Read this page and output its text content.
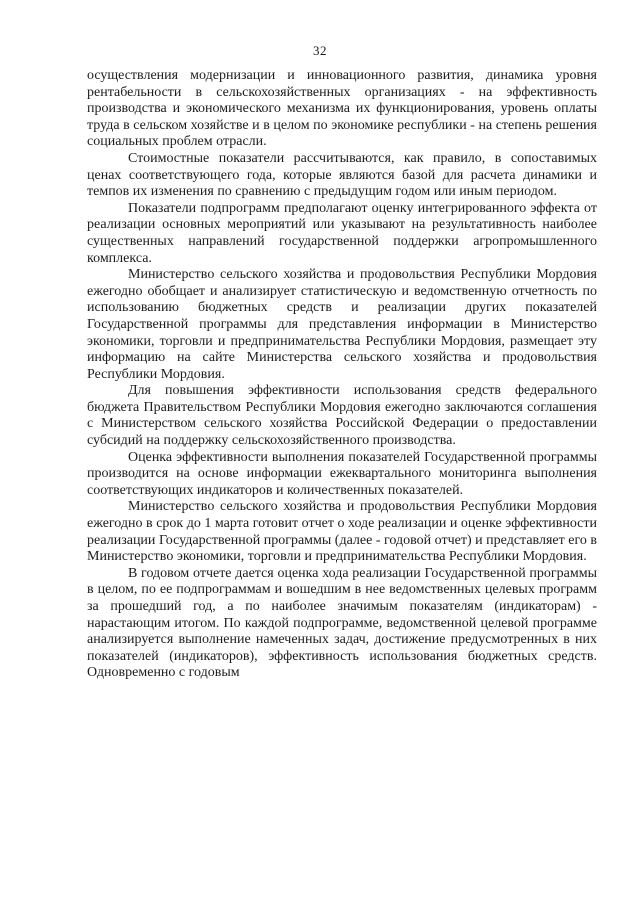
32

осуществления модернизации и инновационного развития, динамика уровня рентабельности в сельскохозяйственных организациях - на эффективность производства и экономического механизма их функционирования, уровень оплаты труда в сельском хозяйстве и в целом по экономике республики - на степень решения социальных проблем отрасли.

Стоимостные показатели рассчитываются, как правило, в сопоставимых ценах соответствующего года, которые являются базой для расчета динамики и темпов их изменения по сравнению с предыдущим годом или иным периодом.

Показатели подпрограмм предполагают оценку интегрированного эффекта от реализации основных мероприятий или указывают на результативность наиболее существенных направлений государственной поддержки агропромышленного комплекса.

Министерство сельского хозяйства и продовольствия Республики Мордовия ежегодно обобщает и анализирует статистическую и ведомственную отчетность по использованию бюджетных средств и реализации других показателей Государственной программы для представления информации в Министерство экономики, торговли и предпринимательства Республики Мордовия, размещает эту информацию на сайте Министерства сельского хозяйства и продовольствия Республики Мордовия.

Для повышения эффективности использования средств федерального бюджета Правительством Республики Мордовия ежегодно заключаются соглашения с Министерством сельского хозяйства Российской Федерации о предоставлении субсидий на поддержку сельскохозяйственного производства.

Оценка эффективности выполнения показателей Государственной программы производится на основе информации ежеквартального мониторинга выполнения соответствующих индикаторов и количественных показателей.

Министерство сельского хозяйства и продовольствия Республики Мордовия ежегодно в срок до 1 марта готовит отчет о ходе реализации и оценке эффективности реализации Государственной программы (далее - годовой отчет) и представляет его в Министерство экономики, торговли и предпринимательства Республики Мордовия.

В годовом отчете дается оценка хода реализации Государственной программы в целом, по ее подпрограммам и вошедшим в нее ведомственных целевых программ за прошедший год, а по наиболее значимым показателям (индикаторам) - нарастающим итогом. По каждой подпрограмме, ведомственной целевой программе анализируется выполнение намеченных задач, достижение предусмотренных в них показателей (индикаторов), эффективность использования бюджетных средств. Одновременно с годовым
